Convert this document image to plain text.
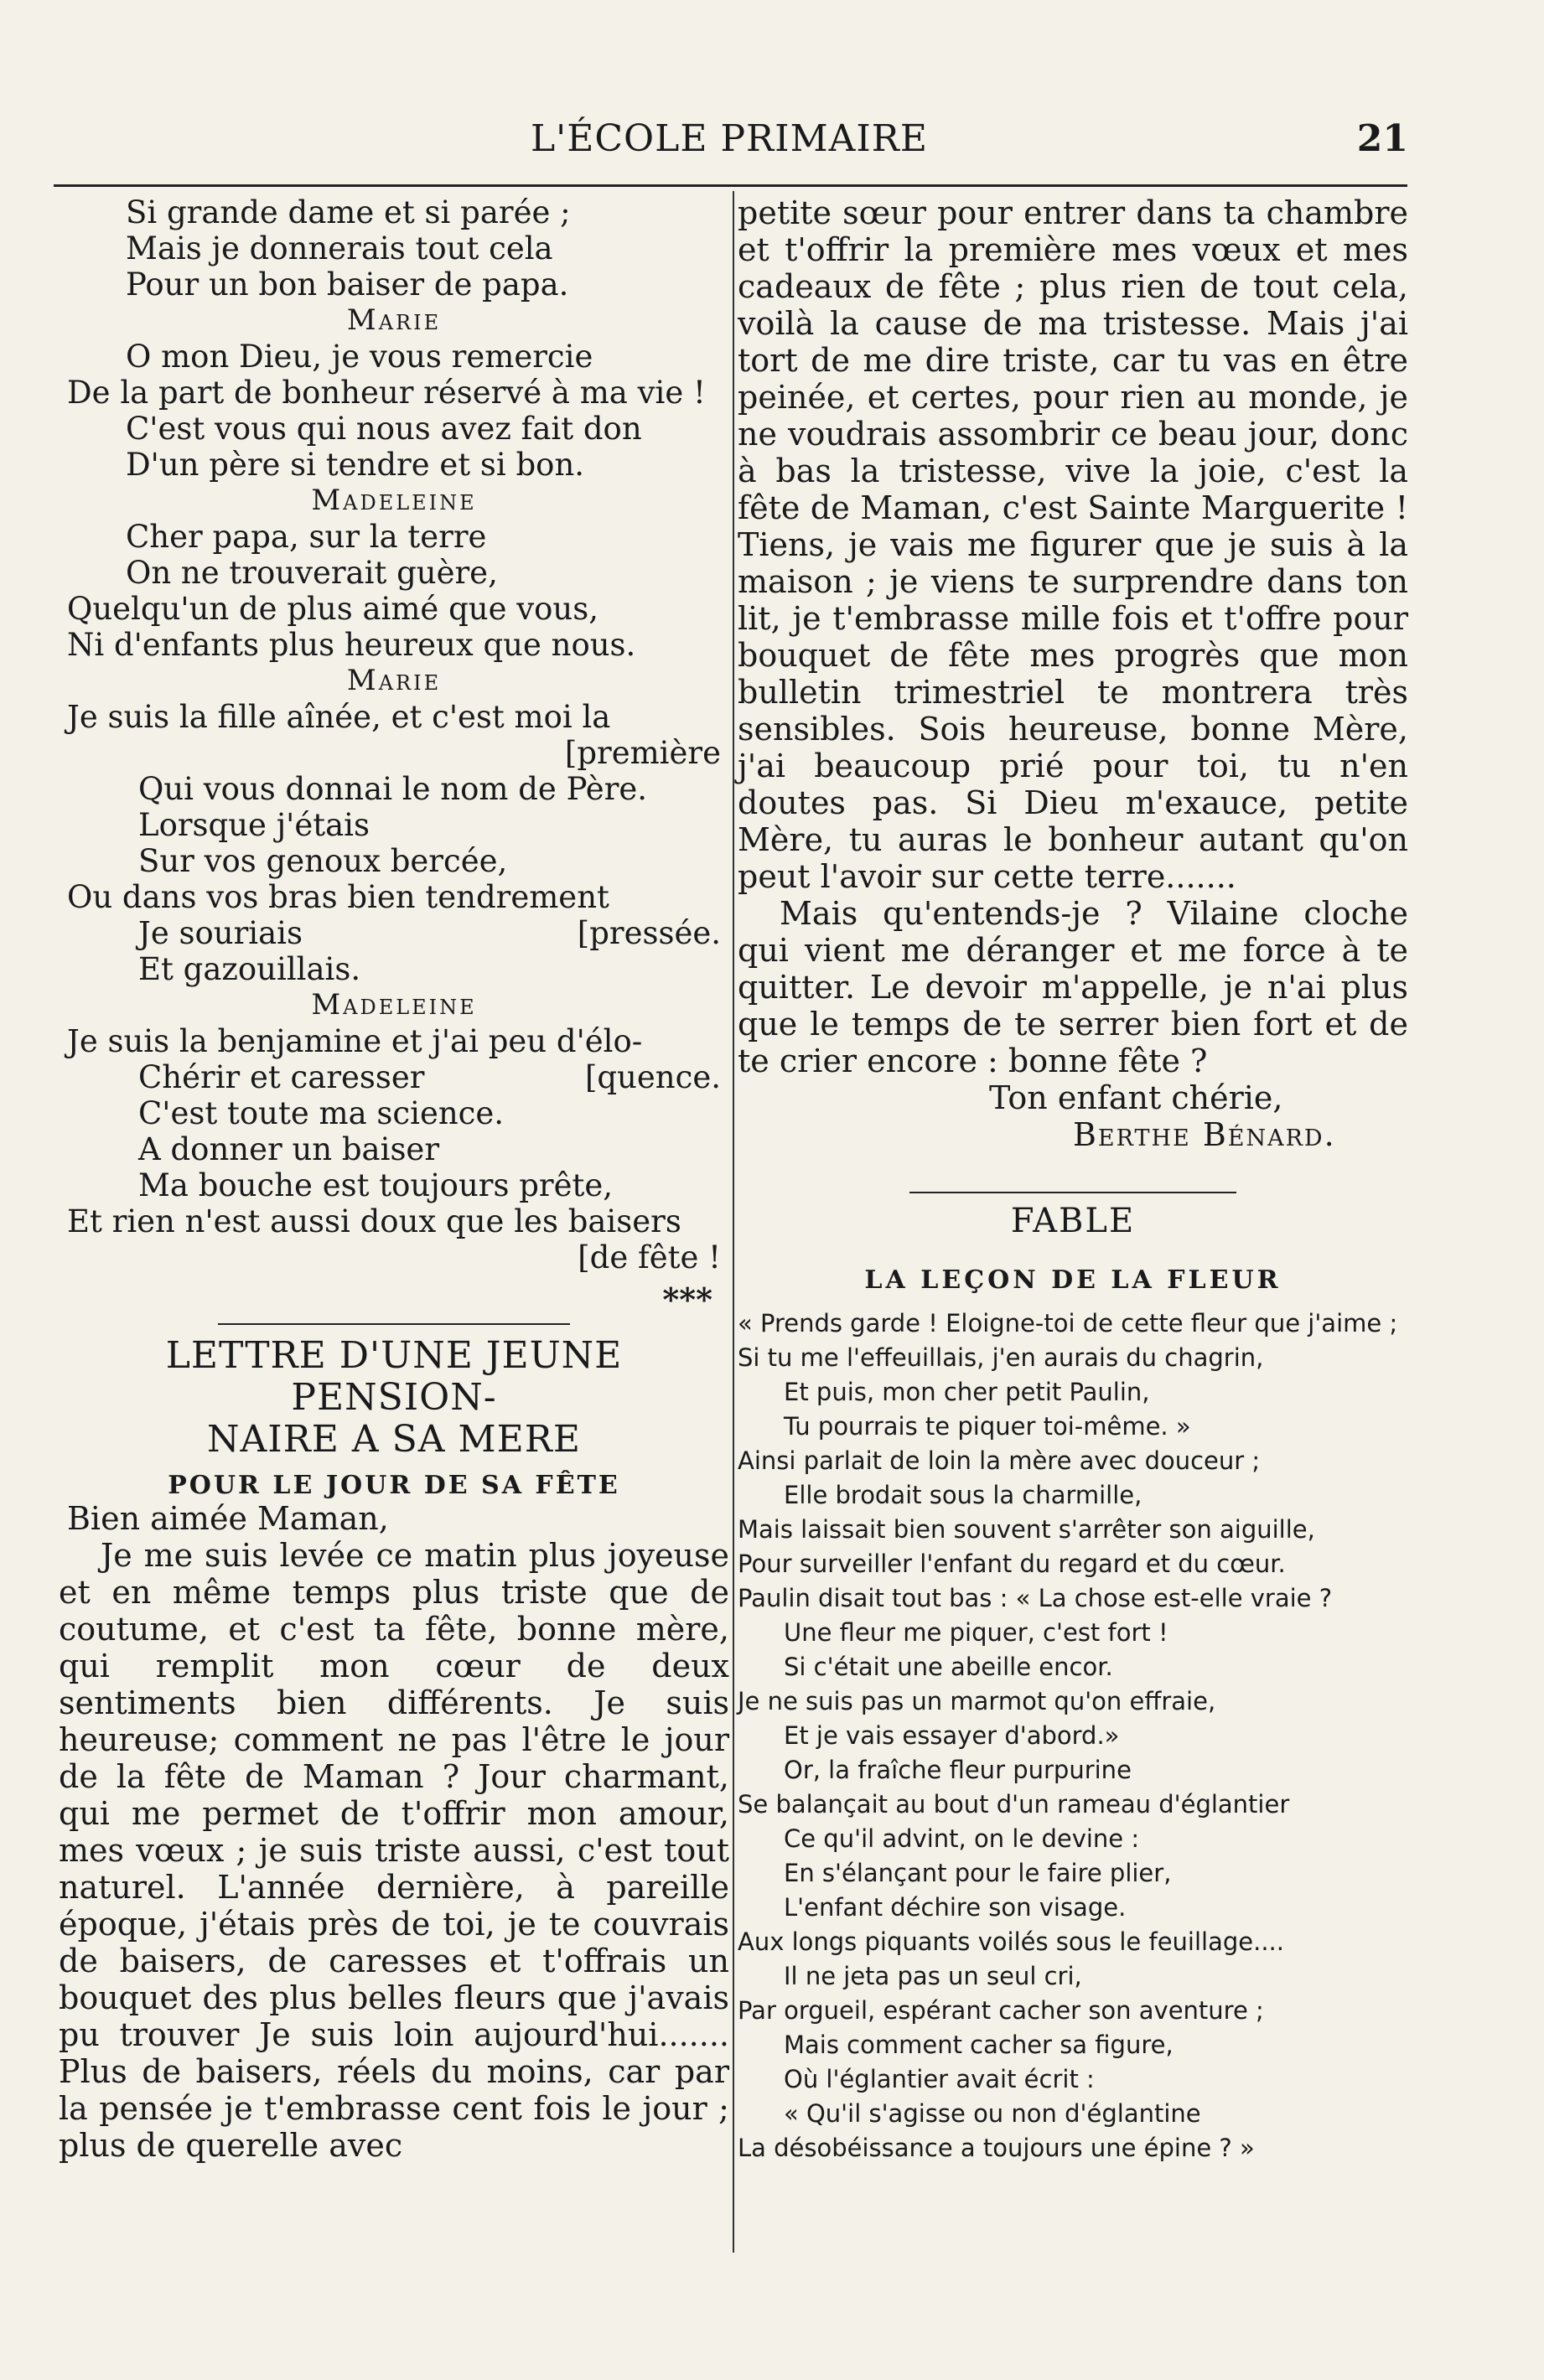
L'ÉCOLE PRIMAIRE	21
Si grande dame et si parée ;
Mais je donnerais tout cela
Pour un bon baiser de papa.
Marie
O mon Dieu, je vous remercie
De la part de bonheur réservé à ma vie !
C'est vous qui nous avez fait don
D'un père si tendre et si bon.
Madeleine
Cher papa, sur la terre
On ne trouverait guère,
Quelqu'un de plus aimé que vous,
Ni d'enfants plus heureux que nous.
Marie
Je suis la fille aînée, et c'est moi la
[première
Qui vous donnai le nom de Père.
Lorsque j'étais
Sur vos genoux bercée,
Ou dans vos bras bien tendrement
Je souriais	[pressée.
Et gazouillais.
Madeleine
Je suis la benjamine et j'ai peu d'élo-
Chérir et caresser	[quence.
C'est toute ma science.
A donner un baiser
Ma bouche est toujours prête,
Et rien n'est aussi doux que les baisers
[de fête !
***
LETTRE D'UNE JEUNE PENSION-
NAIRE A SA MERE
POUR LE JOUR DE SA FÊTE
Bien aimée Maman,

Je me suis levée ce matin plus joyeuse et en même temps plus triste que de coutume, et c'est ta fête, bonne mère, qui remplit mon cœur de deux sentiments bien différents. Je suis heureuse; comment ne pas l'être le jour de la fête de Maman ? Jour charmant, qui me permet de t'offrir mon amour, mes vœux ; je suis triste aussi, c'est tout naturel. L'année dernière, à pareille époque, j'étais près de toi, je te couvrais de baisers, de caresses et t'offrais un bouquet des plus belles fleurs que j'avais pu trouver Je suis loin aujourd'hui....... Plus de baisers, réels du moins, car par la pensée je t'embrasse cent fois le jour ; plus de querelle avec

petite sœur pour entrer dans ta chambre et t'offrir la première mes vœux et mes cadeaux de fête ; plus rien de tout cela, voilà la cause de ma tristesse. Mais j'ai tort de me dire triste, car tu vas en être peinée, et certes, pour rien au monde, je ne voudrais assombrir ce beau jour, donc à bas la tristesse, vive la joie, c'est la fête de Maman, c'est Sainte Marguerite ! Tiens, je vais me figurer que je suis à la maison ; je viens te surprendre dans ton lit, je t'embrasse mille fois et t'offre pour bouquet de fête mes progrès que mon bulletin trimestriel te montrera très sensibles. Sois heureuse, bonne Mère, j'ai beaucoup prié pour toi, tu n'en doutes pas. Si Dieu m'exauce, petite Mère, tu auras le bonheur autant qu'on peut l'avoir sur cette terre.......

Mais qu'entends-je ? Vilaine cloche qui vient me déranger et me force à te quitter. Le devoir m'appelle, je n'ai plus que le temps de te serrer bien fort et de te crier encore : bonne fête ?

Ton enfant chérie,
Berthe Bénard.
FABLE
LA LEÇON DE LA FLEUR
« Prends garde ! Eloigne-toi de cette fleur que j'aime ;
Si tu me l'effeuillais, j'en aurais du chagrin,
Et puis, mon cher petit Paulin,
Tu pourrais te piquer toi-même. »
Ainsi parlait de loin la mère avec douceur ;
Elle brodait sous la charmille,
Mais laissait bien souvent s'arrêter son aiguille,
Pour surveiller l'enfant du regard et du cœur.
Paulin disait tout bas : « La chose est-elle vraie ?
Une fleur me piquer, c'est fort !
Si c'était une abeille encor.
Je ne suis pas un marmot qu'on effraie,
Et je vais essayer d'abord.»
Or, la fraîche fleur purpurine
Se balançait au bout d'un rameau d'églantier
Ce qu'il advint, on le devine :
En s'élançant pour le faire plier,
L'enfant déchire son visage.
Aux longs piquants voilés sous le feuillage....
Il ne jeta pas un seul cri,
Par orgueil, espérant cacher son aventure ;
Mais comment cacher sa figure,
Où l'églantier avait écrit :
« Qu'il s'agisse ou non d'églantine
La désobéissance a toujours une épine ? »
